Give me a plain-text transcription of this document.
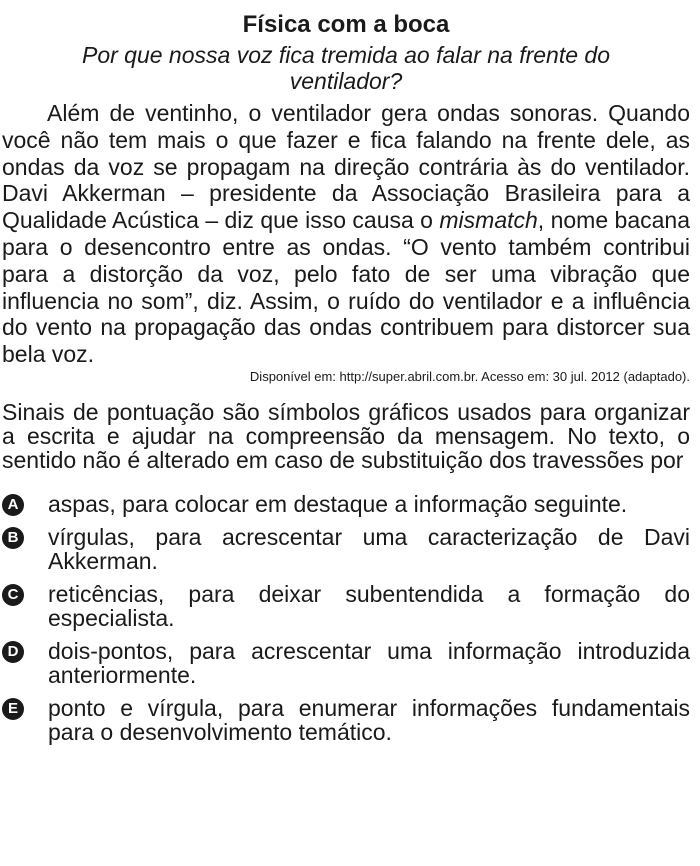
Física com a boca

Por que nossa voz fica tremida ao falar na frente do ventilador?

Além de ventinho, o ventilador gera ondas sonoras. Quando você não tem mais o que fazer e fica falando na frente dele, as ondas da voz se propagam na direção contrária às do ventilador. Davi Akkerman – presidente da Associação Brasileira para a Qualidade Acústica – diz que isso causa o mismatch, nome bacana para o desencontro entre as ondas. “O vento também contribui para a distorção da voz, pelo fato de ser uma vibração que influencia no som”, diz. Assim, o ruído do ventilador e a influência do vento na propagação das ondas contribuem para distorcer sua bela voz.

Disponível em: http://super.abril.com.br. Acesso em: 30 jul. 2012 (adaptado).

Sinais de pontuação são símbolos gráficos usados para organizar a escrita e ajudar na compreensão da mensagem. No texto, o sentido não é alterado em caso de substituição dos travessões por

A aspas, para colocar em destaque a informação seguinte.
B vírgulas, para acrescentar uma caracterização de Davi Akkerman.
C reticências, para deixar subentendida a formação do especialista.
D dois-pontos, para acrescentar uma informação introduzida anteriormente.
E ponto e vírgula, para enumerar informações fundamentais para o desenvolvimento temático.
